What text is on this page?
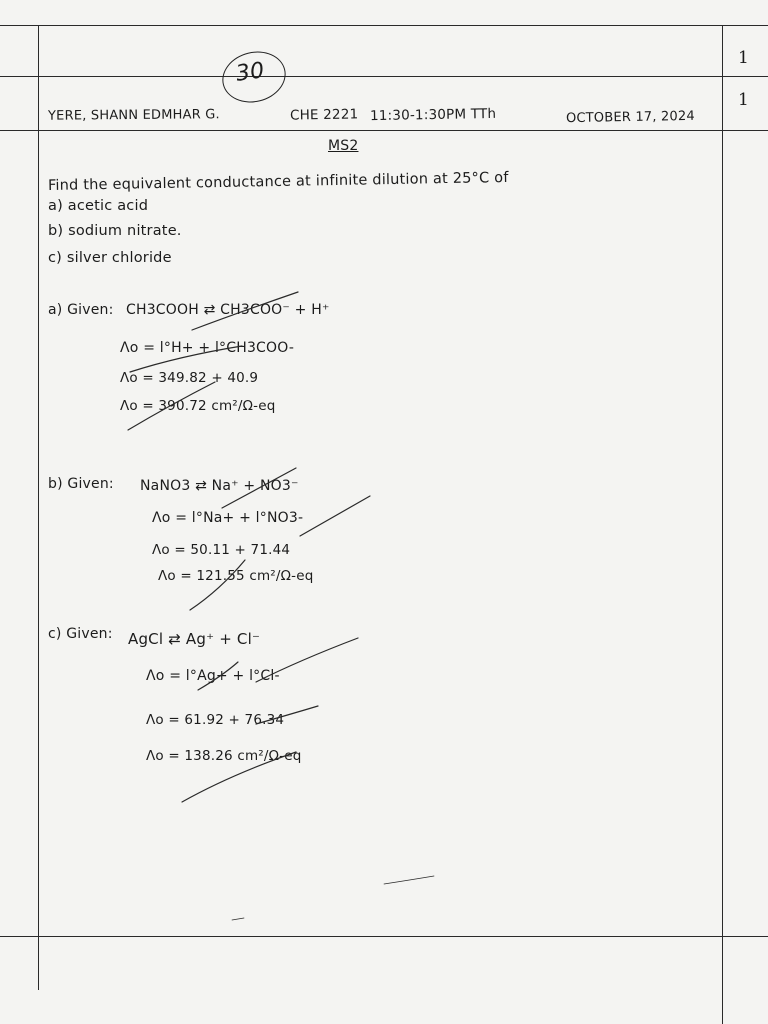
1
1
30
YERE, SHANN EDMHAR G.	CHE 2221 11:30-1:30PM TTh	OCTOBER 17, 2024
MS2
Find the equivalent conductance at infinite dilution at 25°C of
a) acetic acid
b) sodium nitrate.
c) silver chloride
a) Given: CH3COOH ⇄ CH3COO⁻ + H⁺
Λo = l°H+ + l°CH3COO-
Λo = 349.82 + 40.9
Λo = 390.72 cm²/Ω-eq
b) Given: NaNO3 ⇄ Na⁺ + NO3⁻
Λo = l°Na+ + l°NO3-
Λo = 50.11 + 71.44
Λo = 121.55 cm²/Ω-eq
c) Given: AgCl ⇄ Ag⁺ + Cl⁻
Λo = l°Ag+ + l°Cl-
Λo = 61.92 + 76.34
Λo = 138.26 cm²/Ω-eq
